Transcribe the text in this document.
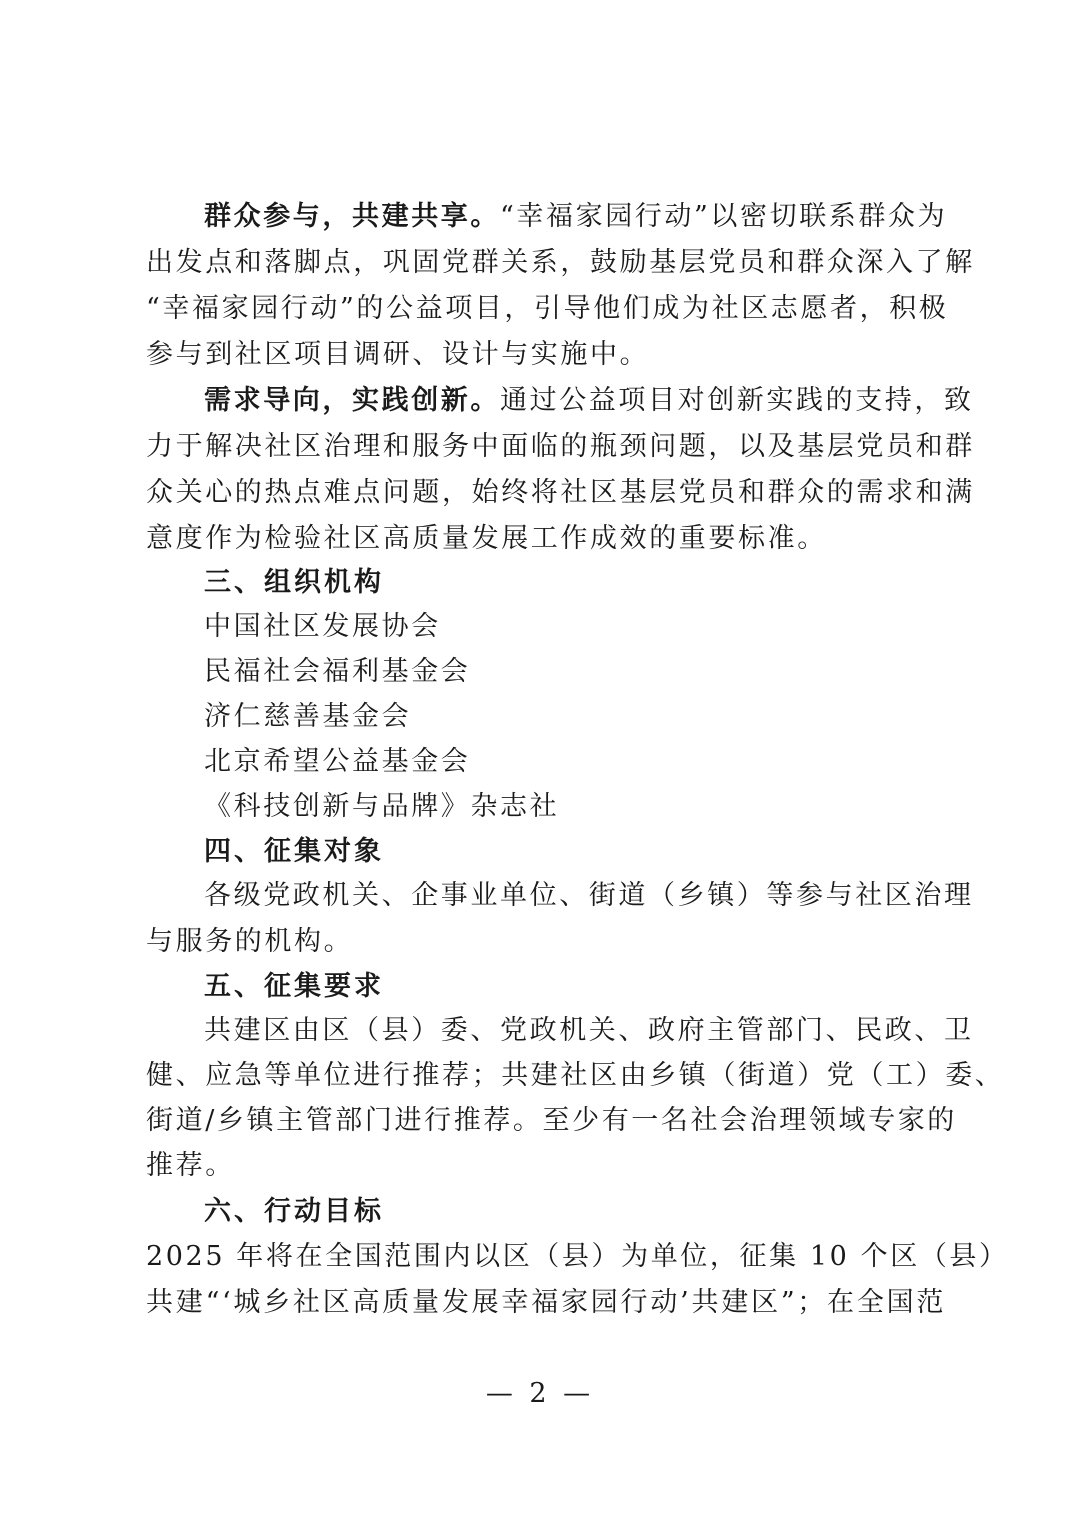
群众参与，共建共享。“幸福家园行动”以密切联系群众为
出发点和落脚点，巩固党群关系，鼓励基层党员和群众深入了解
“幸福家园行动”的公益项目，引导他们成为社区志愿者，积极
参与到社区项目调研、设计与实施中。
需求导向，实践创新。通过公益项目对创新实践的支持，致
力于解决社区治理和服务中面临的瓶颈问题，以及基层党员和群
众关心的热点难点问题，始终将社区基层党员和群众的需求和满
意度作为检验社区高质量发展工作成效的重要标准。
三、组织机构
中国社区发展协会
民福社会福利基金会
济仁慈善基金会
北京希望公益基金会
《科技创新与品牌》杂志社
四、征集对象
各级党政机关、企事业单位、街道（乡镇）等参与社区治理
与服务的机构。
五、征集要求
共建区由区（县）委、党政机关、政府主管部门、民政、卫
健、应急等单位进行推荐；共建社区由乡镇（街道）党（工）委、
街道/乡镇主管部门进行推荐。至少有一名社会治理领域专家的
推荐。
六、行动目标
2025 年将在全国范围内以区（县）为单位，征集 10 个区（县）
共建“‘城乡社区高质量发展幸福家园行动’共建区”；在全国范
— 2 —
